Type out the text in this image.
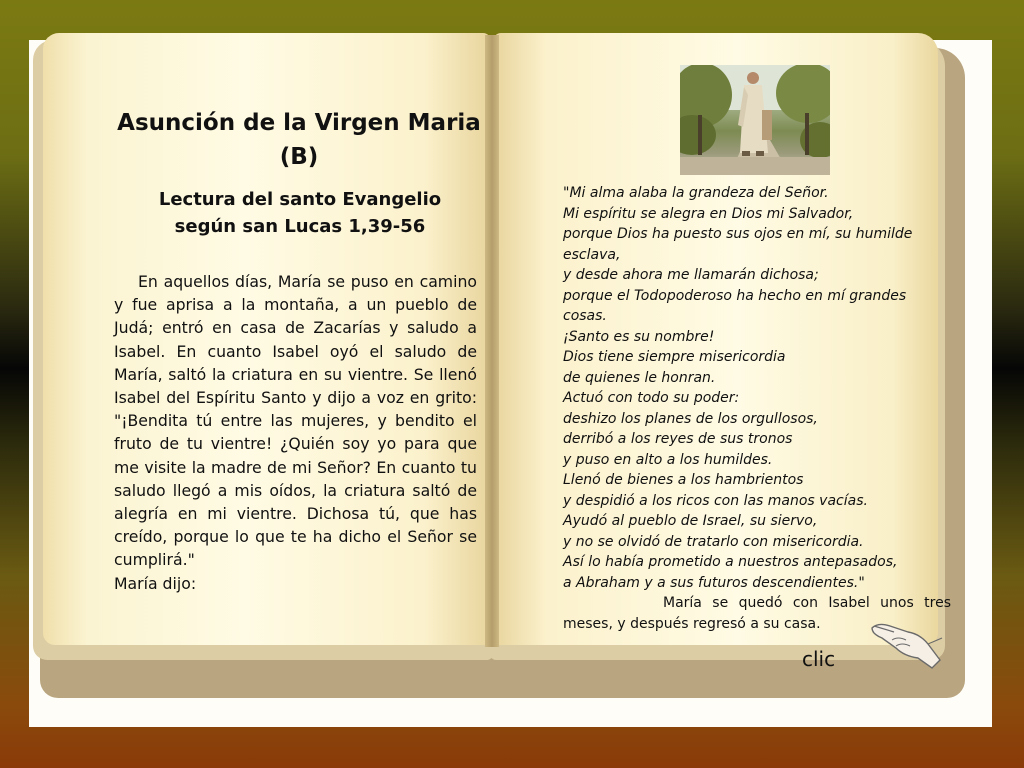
Asunción de la Virgen Maria
(B)
Lectura del santo Evangelio
según san Lucas 1,39-56

En aquellos días, María se puso en camino y fue aprisa a la montaña, a un pueblo de Judá; entró en casa de Zacarías y saludo a Isabel. En cuanto Isabel oyó el saludo de María, saltó la criatura en su vientre. Se llenó Isabel del Espíritu Santo y dijo a voz en grito: "¡Bendita tú entre las mujeres, y bendito el fruto de tu vientre! ¿Quién soy yo para que me visite la madre de mi Señor? En cuanto tu saludo llegó a mis oídos, la criatura saltó de alegría en mi vientre. Dichosa tú, que has creído, porque lo que te ha dicho el Señor se cumplirá."

María dijo:

"Mi alma alaba la grandeza del Señor.
Mi espíritu se alegra en Dios mi Salvador,
porque Dios ha puesto sus ojos en mí, su humilde esclava,
y desde ahora me llamarán dichosa;
porque el Todopoderoso ha hecho en mí grandes cosas.
¡Santo es su nombre!
Dios tiene siempre misericordia
de quienes le honran.
Actuó con todo su poder:
deshizo los planes de los orgullosos,
derribó a los reyes de sus tronos
y puso en alto a los humildes.
Llenó de bienes a los hambrientos
y despidió a los ricos con las manos vacías.
Ayudó al pueblo de Israel, su siervo,
y no se olvidó de tratarlo con misericordia.
Así lo había prometido a nuestros antepasados,
a Abraham y a sus futuros descendientes."
María se quedó con Isabel unos tres meses, y después regresó a su casa.
clic
